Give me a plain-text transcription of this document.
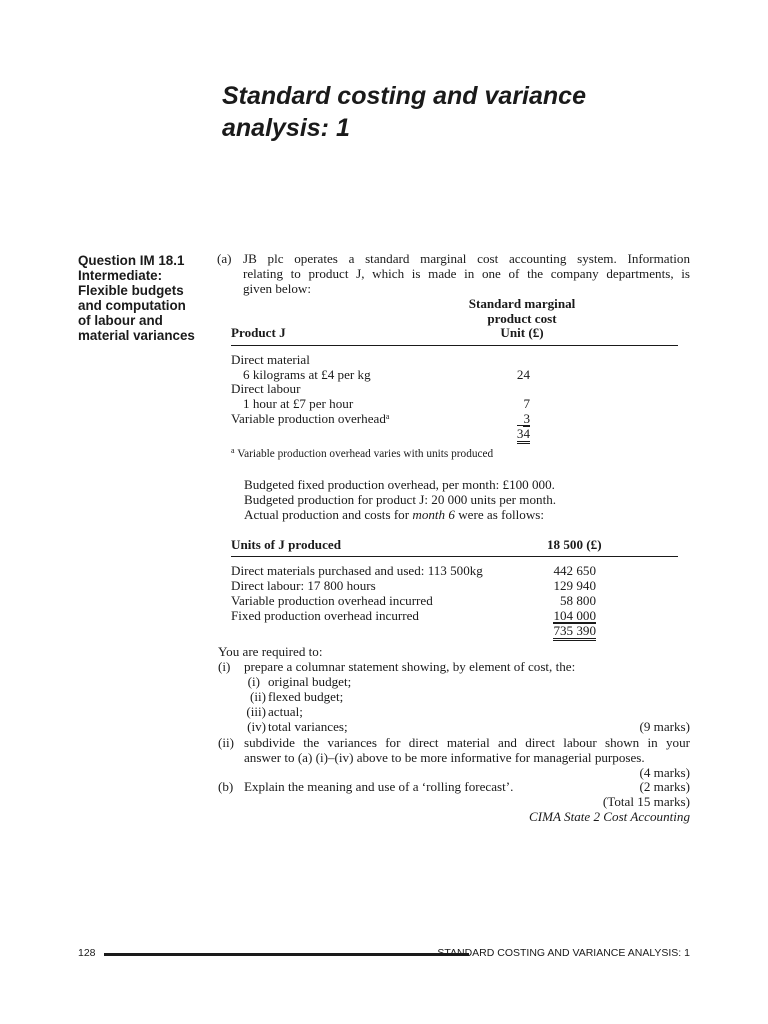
Standard costing and variance
analysis: 1
Question IM 18.1
Intermediate:
Flexible budgets
and computation
of labour and
material variances
(a) JB plc operates a standard marginal cost accounting system. Information
relating to product J, which is made in one of the company departments, is
given below:
Standard marginal
product cost
Product J	Unit (£)
Direct material
6 kilograms at £4 per kg	24
Direct labour
1 hour at £7 per hour	7
Variable production overhead$^a$	3
34
$^a$ Variable production overhead varies with units produced
Budgeted fixed production overhead, per month: £100 000.
Budgeted production for product J: 20 000 units per month.
Actual production and costs for month 6 were as follows:
Units of J produced	18 500 (£)
Direct materials purchased and used: 113 500kg	442 650
Direct labour: 17 800 hours	129 940
Variable production overhead incurred	58 800
Fixed production overhead incurred	104 000
735 390
You are required to:
(i) prepare a columnar statement showing, by element of cost, the:
(i) original budget;
(ii) flexed budget;
(iii) actual;
(iv) total variances;	(9 marks)
(ii) subdivide the variances for direct material and direct labour shown in your
answer to (a) (i)–(iv) above to be more informative for managerial purposes.
(4 marks)
(b) Explain the meaning and use of a ‘rolling forecast’.	(2 marks)
(Total 15 marks)
CIMA State 2 Cost Accounting
128	STANDARD COSTING AND VARIANCE ANALYSIS: 1
